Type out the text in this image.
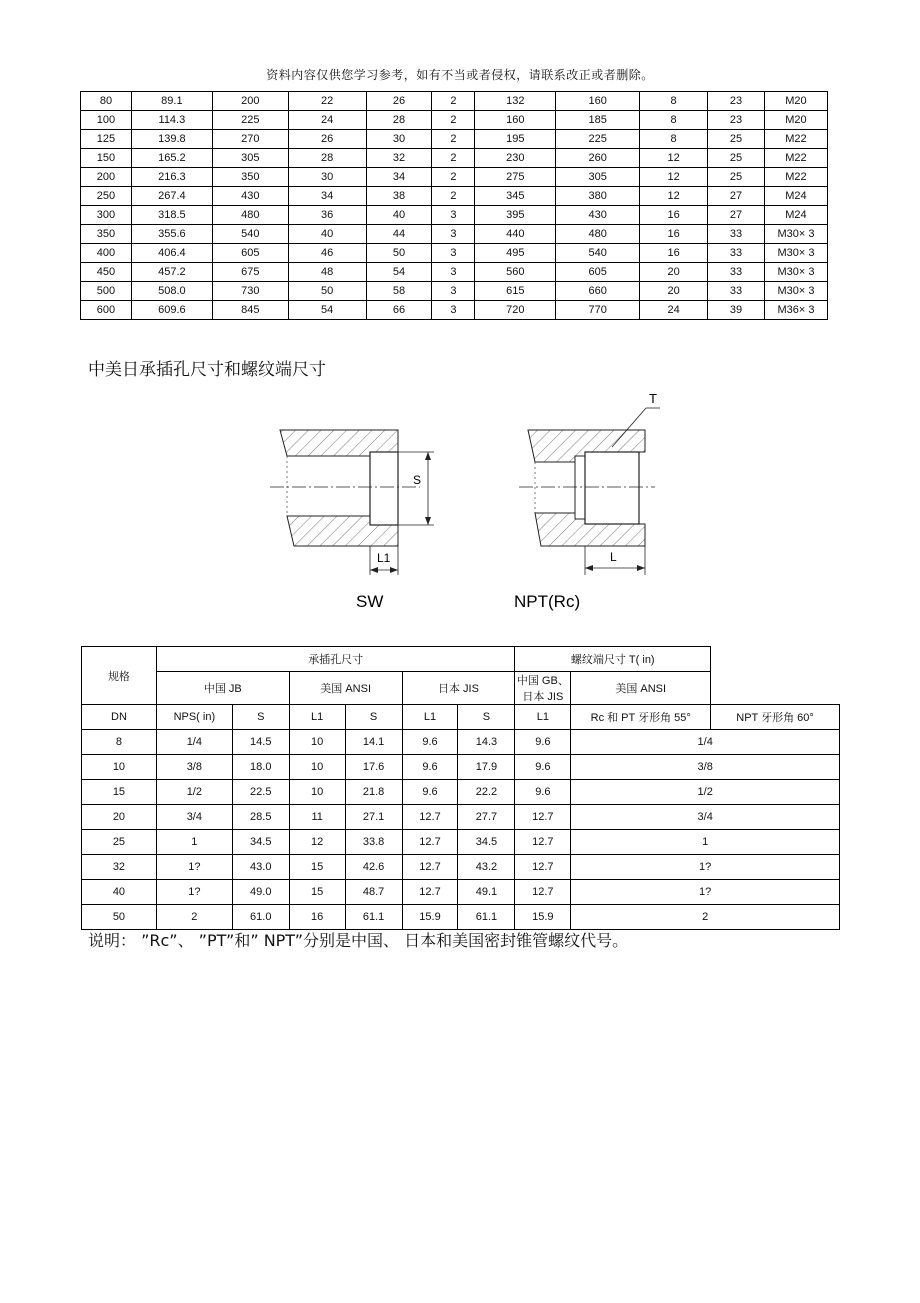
资料内容仅供您学习参考，如有不当或者侵权，请联系改正或者删除。
80	89.1	200	22	26	2	132	160	8	23	M20
100	114.3	225	24	28	2	160	185	8	23	M20
125	139.8	270	26	30	2	195	225	8	25	M22
150	165.2	305	28	32	2	230	260	12	25	M22
200	216.3	350	30	34	2	275	305	12	25	M22
250	267.4	430	34	38	2	345	380	12	27	M24
300	318.5	480	36	40	3	395	430	16	27	M24
350	355.6	540	40	44	3	440	480	16	33	M30× 3
400	406.4	605	46	50	3	495	540	16	33	M30× 3
450	457.2	675	48	54	3	560	605	20	33	M30× 3
500	508.0	730	50	58	3	615	660	20	33	M30× 3
600	609.6	845	54	66	3	720	770	24	39	M36× 3
中美日承插孔尺寸和螺纹端尺寸
S
L1
SW
T
L
NPT(Rc)
规格	承插孔尺寸						螺纹端尺寸 T( in)		
	中国 JB		美国 ANSI		日本 JIS		中国 GB、 日本 JIS	美国 ANSI	
DN	NPS( in)	S	L1	S	L1	S	L1	Rc 和 PT 牙形角 55°	NPT 牙形角 60°
8	1/4	14.5	10	14.1	9.6	14.3	9.6	1/4	
10	3/8	18.0	10	17.6	9.6	17.9	9.6	3/8	
15	1/2	22.5	10	21.8	9.6	22.2	9.6	1/2	
20	3/4	28.5	11	27.1	12.7	27.7	12.7	3/4	
25	1	34.5	12	33.8	12.7	34.5	12.7	1	
32	1?	43.0	15	42.6	12.7	43.2	12.7	1?	
40	1?	49.0	15	48.7	12.7	49.1	12.7	1?	
50	2	61.0	16	61.1	15.9	61.1	15.9	2	
说明： ”Rc”、 ”PT”和” NPT”分别是中国、 日本和美国密封锥管螺纹代号。
